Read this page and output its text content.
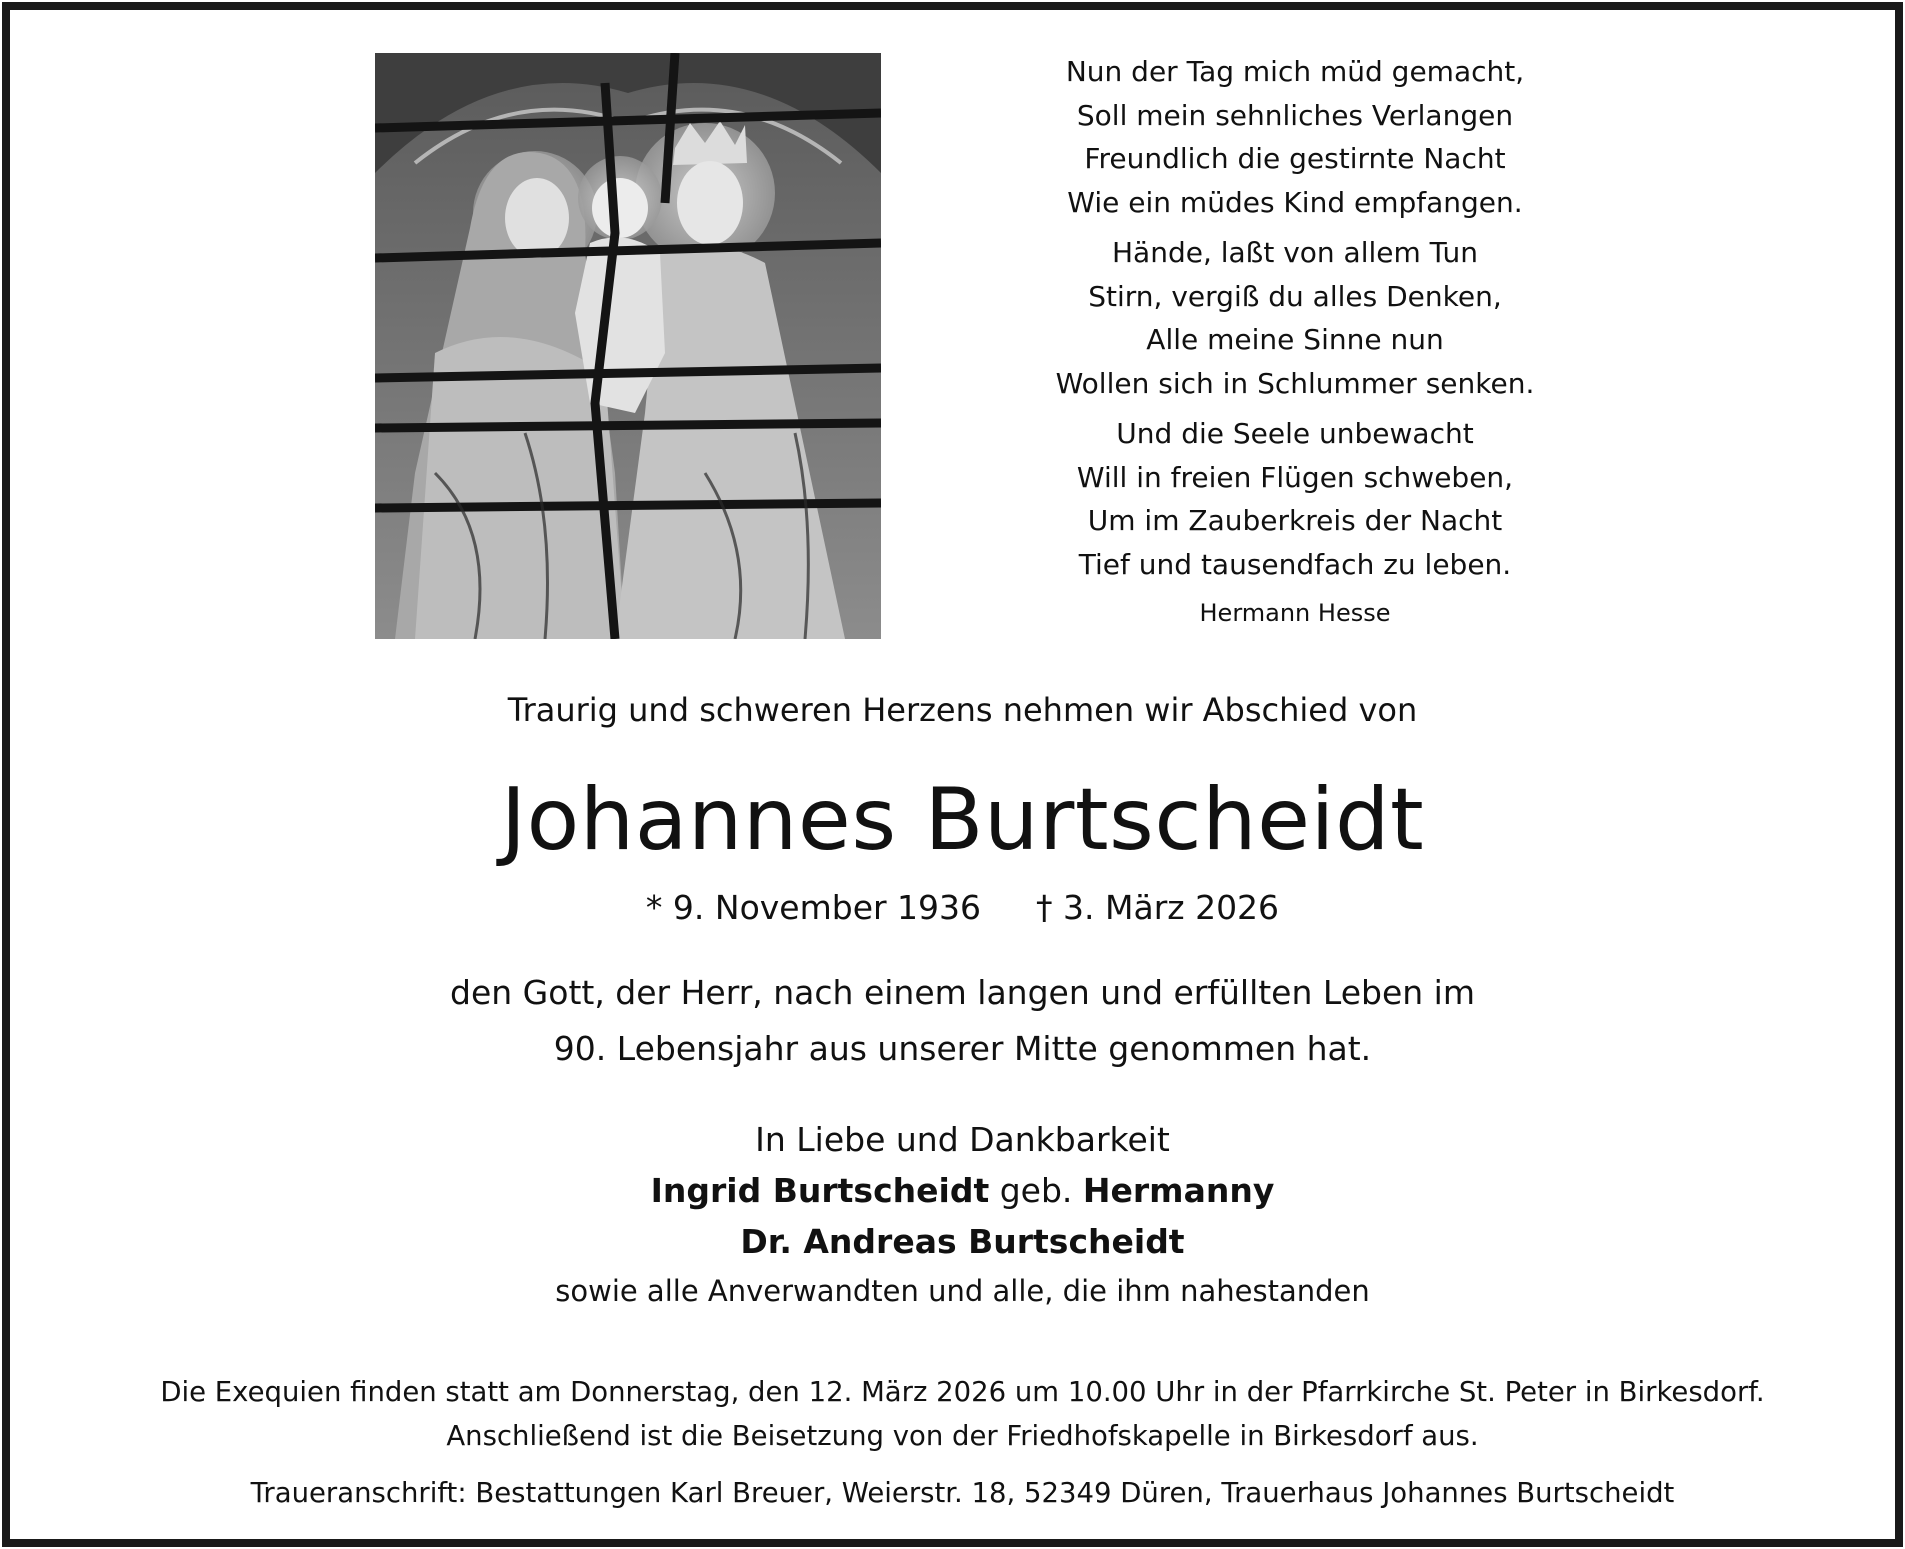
Nun der Tag mich müd gemacht,
Soll mein sehnliches Verlangen
Freundlich die gestirnte Nacht
Wie ein müdes Kind empfangen.
Hände, laßt von allem Tun
Stirn, vergiß du alles Denken,
Alle meine Sinne nun
Wollen sich in Schlummer senken.
Und die Seele unbewacht
Will in freien Flügen schweben,
Um im Zauberkreis der Nacht
Tief und tausendfach zu leben.
Hermann Hesse
Traurig und schweren Herzens nehmen wir Abschied von
Johannes Burtscheidt
* 9. November 1936 † 3. März 2026
den Gott, der Herr, nach einem langen und erfüllten Leben im
90. Lebensjahr aus unserer Mitte genommen hat.
In Liebe und Dankbarkeit
Ingrid Burtscheidt geb. Hermanny
Dr. Andreas Burtscheidt
sowie alle Anverwandten und alle, die ihm nahestanden
Die Exequien finden statt am Donnerstag, den 12. März 2026 um 10.00 Uhr in der Pfarrkirche St. Peter in Birkesdorf.
Anschließend ist die Beisetzung von der Friedhofskapelle in Birkesdorf aus.
Traueranschrift: Bestattungen Karl Breuer, Weierstr. 18, 52349 Düren, Trauerhaus Johannes Burtscheidt
